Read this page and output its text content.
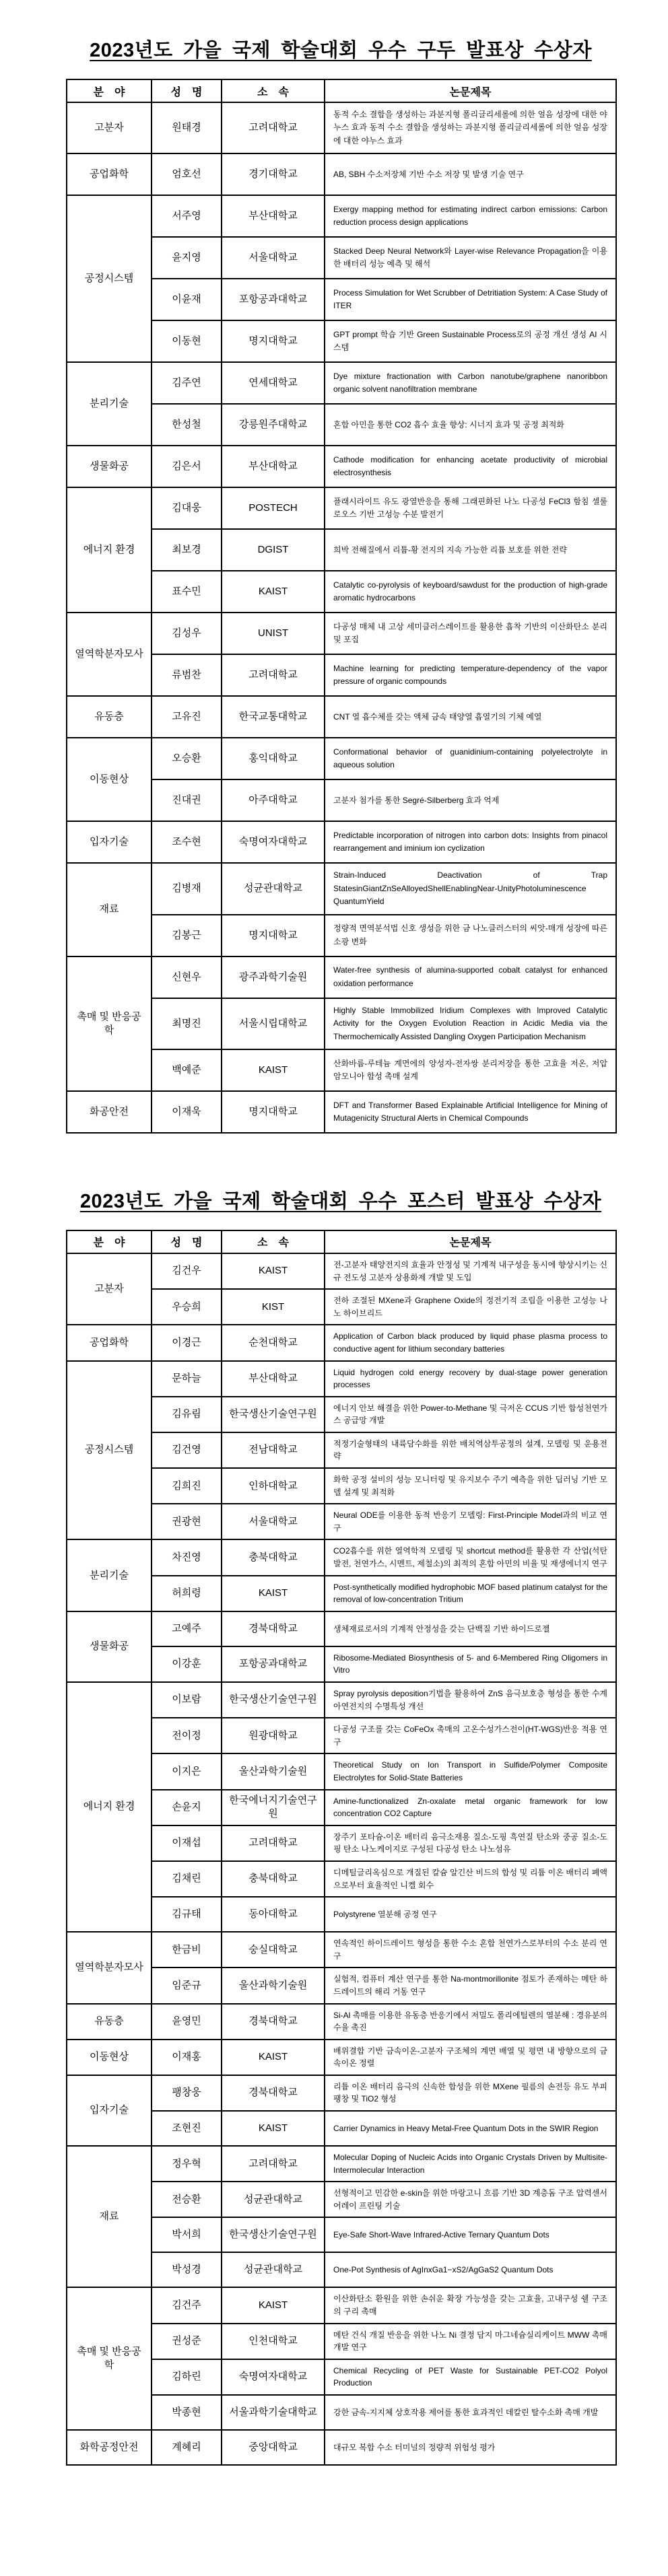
2023년도 가을 국제 학술대회 우수 구두 발표상 수상자
분　야	성　명	소　속	논문제목
고분자	원태경	고려대학교	동적 수소 결합을 생성하는 과분지형 폴리글리세롤에 의한 얼음 성장에 대한 야누스 효과 동적 수소 결합을 생성하는 과분지형 폴리글리세롤에 의한 얼음 성장에 대한 야누스 효과
공업화학	엄호선	경기대학교	AB, SBH 수소저장체 기반 수소 저장 및 발생 기술 연구
공정시스템	서주영	부산대학교	Exergy mapping method for estimating indirect carbon emissions: Carbon reduction process design applications
	윤지영	서울대학교	Stacked Deep Neural Network와 Layer-wise Relevance Propagation을 이용한 배터리 성능 예측 및 해석
	이윤재	포항공과대학교	Process Simulation for Wet Scrubber of Detritiation System: A Case Study of ITER
	이동현	명지대학교	GPT prompt 학습 기반 Green Sustainable Process로의 공정 개선 생성 AI 시스템
분리기술	김주연	연세대학교	Dye mixture fractionation with Carbon nanotube/graphene nanoribbon organic solvent nanofiltration membrane
	한성철	강릉원주대학교	혼합 아민을 통한 CO2 흡수 효율 향상: 시너지 효과 및 공정 최적화
생물화공	김은서	부산대학교	Cathode modification for enhancing acetate productivity of microbial electrosynthesis
에너지 환경	김대웅	POSTECH	플래시라이트 유도 광열반응을 통해 그래핀화된 나노 다공성 FeCl3 함침 셀룰로오스 기반 고성능 수분 발전기
	최보경	DGIST	희박 전해질에서 리튬-황 전지의 지속 가능한 리튬 보호를 위한 전략
	표수민	KAIST	Catalytic co-pyrolysis of keyboard/sawdust for the production of high-grade aromatic hydrocarbons
열역학분자모사	김성우	UNIST	다공성 매체 내 고상 세미클러스레이트를 활용한 흡착 기반의 이산화탄소 분리 및 포집
	류범찬	고려대학교	Machine learning for predicting temperature-dependency of the vapor pressure of organic compounds
유동층	고유진	한국교통대학교	CNT 열 흡수체를 갖는 액체 금속 태양열 흡열기의 기체 예열
이동현상	오승환	홍익대학교	Conformational behavior of guanidinium-containing polyelectrolyte in aqueous solution
	진대권	아주대학교	고분자 첨가를 통한 Segré-Silberberg 효과 억제
입자기술	조수현	숙명여자대학교	Predictable incorporation of nitrogen into carbon dots: Insights from pinacol rearrangement and iminium ion cyclization
재료	김병재	성균관대학교	Strain-Induced Deactivation of Trap StatesinGiantZnSeAlloyedShellEnablingNear-UnityPhotoluminescence QuantumYield
	김봉근	명지대학교	정량적 면역분석법 신호 생성을 위한 금 나노클러스터의 씨앗-매개 성장에 따른 소광 변화
촉매 및 반응공학	신현우	광주과학기술원	Water-free synthesis of alumina-supported cobalt catalyst for enhanced oxidation performance
	최명진	서울시립대학교	Highly Stable Immobilized Iridium Complexes with Improved Catalytic Activity for the Oxygen Evolution Reaction in Acidic Media via the Thermochemically Assisted Dangling Oxygen Participation Mechanism
	백예준	KAIST	산화바륨-루테늄 계면에의 양성자-전자쌍 분리저장을 통한 고효율 저온, 저압 암모니아 합성 촉매 설계
화공안전	이재욱	명지대학교	DFT and Transformer Based Explainable Artificial Intelligence for Mining of Mutagenicity Structural Alerts in Chemical Compounds
2023년도 가을 국제 학술대회 우수 포스터 발표상 수상자
분　야	성　명	소　속	논문제목
고분자	김건우	KAIST	전-고분자 태양전지의 효율과 안정성 및 기계적 내구성을 동시에 향상시키는 신규 전도성 고분자 상용화제 개발 및 도입
	우승희	KIST	전하 조절된 MXene과 Graphene Oxide의 정전기적 조립을 이용한 고성능 나노 하이브리드
공업화학	이경근	순천대학교	Application of Carbon black produced by liquid phase plasma process to conductive agent for lithium secondary batteries
공정시스템	문하늘	부산대학교	Liquid hydrogen cold energy recovery by dual-stage power generation processes
	김유림	한국생산기술연구원	에너지 안보 해결을 위한 Power-to-Methane 및 극저온 CCUS 기반 합성천연가스 공급망 개발
	김건영	전남대학교	적정기술형태의 내륙담수화를 위한 배치역삼투공정의 설계, 모델링 및 운용전략
	김희진	인하대학교	화학 공정 설비의 성능 모니터링 및 유지보수 주기 예측을 위한 딥러닝 기반 모델 설계 및 최적화
	권광현	서울대학교	Neural ODE를 이용한 동적 반응기 모델링: First-Principle Model과의 비교 연구
분리기술	차진영	충북대학교	CO2흡수를 위한 열역학적 모델링 및 shortcut method를 활용한 각 산업(석탄발전, 천연가스, 시멘트, 제철소)의 최적의 혼합 아민의 비율 및 재생에너지 연구
	허희령	KAIST	Post-synthetically modified hydrophobic MOF based platinum catalyst for the removal of low-concentration Tritium
생물화공	고예주	경북대학교	생체재료로서의 기계적 안정성을 갖는 단백질 기반 하이드로젤
	이강훈	포항공과대학교	Ribosome-Mediated Biosynthesis of 5- and 6-Membered Ring Oligomers in Vitro
에너지 환경	이보람	한국생산기술연구원	Spray pyrolysis deposition기법을 활용하여 ZnS 음극보호층 형성을 통한 수계아연전지의 수명특성 개선
	전이정	원광대학교	다공성 구조를 갖는 CoFeOx 촉매의 고온수성가스전이(HT-WGS)반응 적용 연구
	이지은	울산과학기술원	Theoretical Study on Ion Transport in Sulfide/Polymer Composite Electrolytes for Solid-State Batteries
	손윤지	한국에너지기술연구원	Amine-functionalized Zn-oxalate metal organic framework for low concentration CO2 Capture
	이재섭	고려대학교	장주기 포타슘-이온 배터리 음극소재용 질소-도핑 흑연질 탄소와 중공 질소-도핑 탄소 나노케이지로 구성된 다공성 탄소 나노섬유
	김채린	충북대학교	디메틸글리옥심으로 개질된 칼슘 알긴산 비드의 합성 및 리튬 이온 배터리 폐액으로부터 효율적인 니켈 회수
	김규태	동아대학교	Polystyrene 열분해 공정 연구
열역학분자모사	한금비	숭실대학교	연속적인 하이드레이트 형성을 통한 수소 혼합 천연가스로부터의 수소 분리 연구
	임준규	울산과학기술원	실험적, 컴퓨터 계산 연구를 통한 Na-montmorillonite 점토가 존재하는 메탄 하드레이트의 해리 거동 연구
유동층	윤영민	경북대학교	Si-Al 촉매를 이용한 유동층 반응기에서 저밀도 폴리에틸렌의 열분해 : 경유분의 수율 촉진
이동현상	이재홍	KAIST	배위결합 기반 금속이온-고분자 구조체의 계면 배열 및 평면 내 방향으로의 금속이온 정렬
입자기술	팽창웅	경북대학교	리튬 이온 배터리 음극의 신속한 합성을 위한 MXene 필름의 손전등 유도 부피 팽창 및 TiO2 형성
	조현진	KAIST	Carrier Dynamics in Heavy Metal-Free Quantum Dots in the SWIR Region
재료	정우혁	고려대학교	Molecular Doping of Nucleic Acids into Organic Crystals Driven by Multisite-Intermolecular Interaction
	전승환	성균관대학교	선형적이고 민감한 e-skin을 위한 마랑고니 흐름 기반 3D 계층돔 구조 압력센서 어레이 프린팅 기술
	박서희	한국생산기술연구원	Eye-Safe Short-Wave Infrared-Active Ternary Quantum Dots
	박성경	성균관대학교	One-Pot Synthesis of AgInxGa1−xS2/AgGaS2 Quantum Dots
촉매 및 반응공학	김건주	KAIST	이산화탄소 환원을 위한 손쉬운 확장 가능성을 갖는 고효율, 고내구성 쉘 구조의 구리 촉매
	권성준	인천대학교	메탄 건식 개질 반응을 위한 나노 Ni 결정 담지 마그네슘실리케이트 MWW 촉매 개발 연구
	김하린	숙명여자대학교	Chemical Recycling of PET Waste for Sustainable PET-CO2 Polyol Production
	박종현	서울과학기술대학교	강한 금속-지지체 상호작용 제어를 통한 효과적인 데칼린 탈수소화 촉매 개발
화학공정안전	계혜리	중앙대학교	대규모 복합 수소 터미널의 정량적 위험성 평가
